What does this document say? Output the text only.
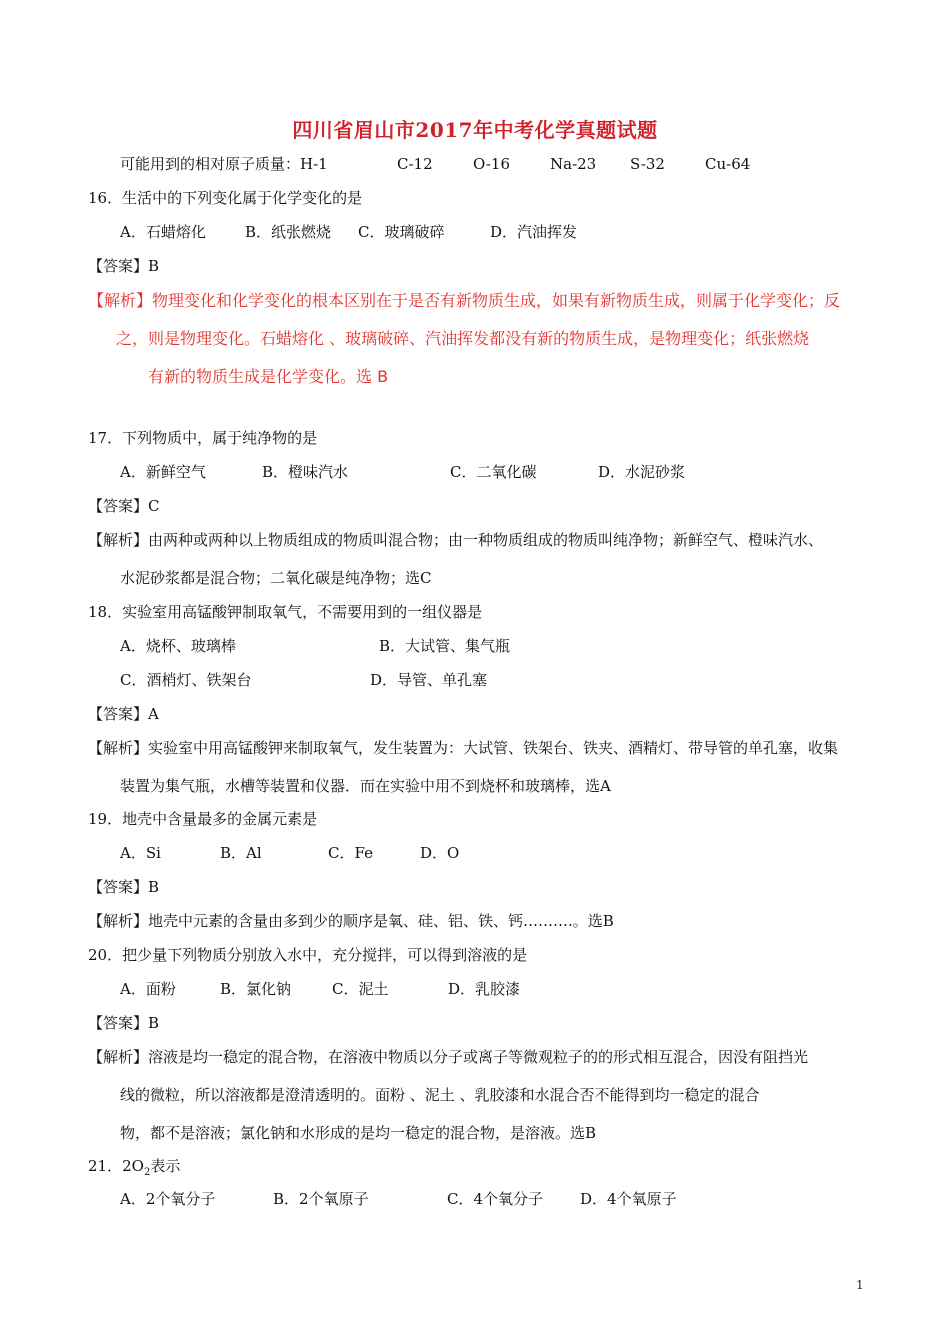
四川省眉山市2017年中考化学真题试题
可能用到的相对原子质量：H-1	C-12	O-16	Na-23 S-32	Cu-64
16．生活中的下列变化属于化学变化的是
A．石蜡熔化	B．纸张燃烧 C．玻璃破碎	D．汽油挥发
【答案】B
【解析】物理变化和化学变化的根本区别在于是否有新物质生成，如果有新物质生成，则属于化学变化；反
之，则是物理变化。石蜡熔化 、玻璃破碎、汽油挥发都没有新的物质生成，是物理变化；纸张燃烧
有新的物质生成是化学变化。选 B
17．下列物质中，属于纯净物的是
A．新鲜空气	B．橙味汽水	C．二氧化碳	D．水泥砂浆
【答案】C
【解析】由两种或两种以上物质组成的物质叫混合物；由一种物质组成的物质叫纯净物；新鲜空气、橙味汽水、
水泥砂浆都是混合物；二氧化碳是纯净物；选C
18．实验室用高锰酸钾制取氧气，不需要用到的一组仪器是
A．烧杯、玻璃棒	B．大试管、集气瓶
C．酒梢灯、铁架台	D．导管、单孔塞
【答案】A
【解析】实验室中用高锰酸钾来制取氧气，发生装置为：大试管、铁架台、铁夹、酒精灯、带导管的单孔塞，收集
装置为集气瓶，水槽等装置和仪器．而在实验中用不到烧杯和玻璃棒，选A
19．地壳中含量最多的金属元素是
A．Si	B．Al	C．Fe	D．O
【答案】B
【解析】地壳中元素的含量由多到少的顺序是氧、硅、铝、铁、钙……….。选B
20．把少量下列物质分别放入水中，充分搅拌，可以得到溶液的是
A．面粉	B．氯化钠	C．泥土	D．乳胶漆
【答案】B
【解析】溶液是均一稳定的混合物，在溶液中物质以分子或离子等微观粒子的的形式相互混合，因没有阻挡光
线的微粒，所以溶液都是澄清透明的。面粉 、泥土 、乳胶漆和水混合否不能得到均一稳定的混合
物，都不是溶液；氯化钠和水形成的是均一稳定的混合物，是溶液。选B
21．$2O_2$表示
A．2个氧分子	B．2个氧原子	C．4个氧分子 D．4个氧原子
1
